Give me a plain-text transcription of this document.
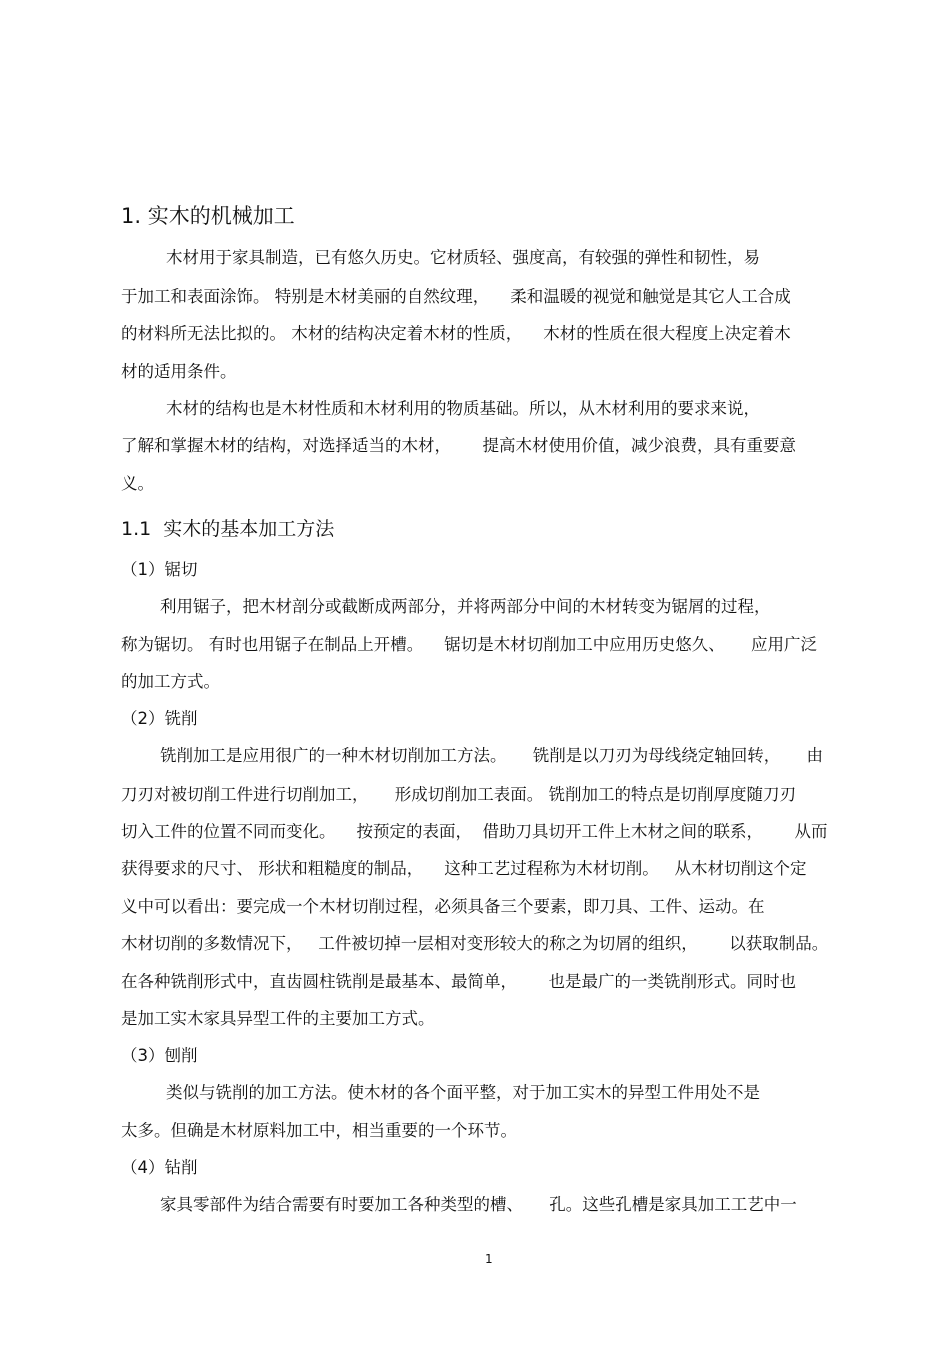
1. 实木的机械加工
木材用于家具制造，已有悠久历史。它材质轻、强度高，有较强的弹性和韧性，易
于加工和表面涂饰。 特别是木材美丽的自然纹理，    柔和温暖的视觉和触觉是其它人工合成
的材料所无法比拟的。 木材的结构决定着木材的性质，    木材的性质在很大程度上决定着木
材的适用条件。
木材的结构也是木材性质和木材利用的物质基础。所以，从木材利用的要求来说，
了解和掌握木材的结构，对选择适当的木材，      提高木材使用价值，减少浪费，具有重要意
义。
1.1  实木的基本加工方法
（1）锯切
利用锯子，把木材剖分或截断成两部分，并将两部分中间的木材转变为锯屑的过程，
称为锯切。 有时也用锯子在制品上开槽。    锯切是木材切削加工中应用历史悠久、     应用广泛
的加工方式。
（2）铣削
铣削加工是应用很广的一种木材切削加工方法。     铣削是以刀刃为母线绕定轴回转，     由
刀刃对被切削工件进行切削加工，     形成切削加工表面。 铣削加工的特点是切削厚度随刀刃
切入工件的位置不同而变化。    按预定的表面，  借助刀具切开工件上木材之间的联系，      从而
获得要求的尺寸、 形状和粗糙度的制品，    这种工艺过程称为木材切削。   从木材切削这个定
义中可以看出：要完成一个木材切削过程，必须具备三个要素，即刀具、工件、运动。在
木材切削的多数情况下，   工件被切掉一层相对变形较大的称之为切屑的组织，      以获取制品。
在各种铣削形式中，直齿圆柱铣削是最基本、最简单，      也是最广的一类铣削形式。同时也
是加工实木家具异型工件的主要加工方式。
（3）刨削
类似与铣削的加工方法。使木材的各个面平整，对于加工实木的异型工件用处不是
太多。但确是木材原料加工中，相当重要的一个环节。
（4）钻削
家具零部件为结合需要有时要加工各种类型的槽、     孔。这些孔槽是家具加工工艺中一
1
